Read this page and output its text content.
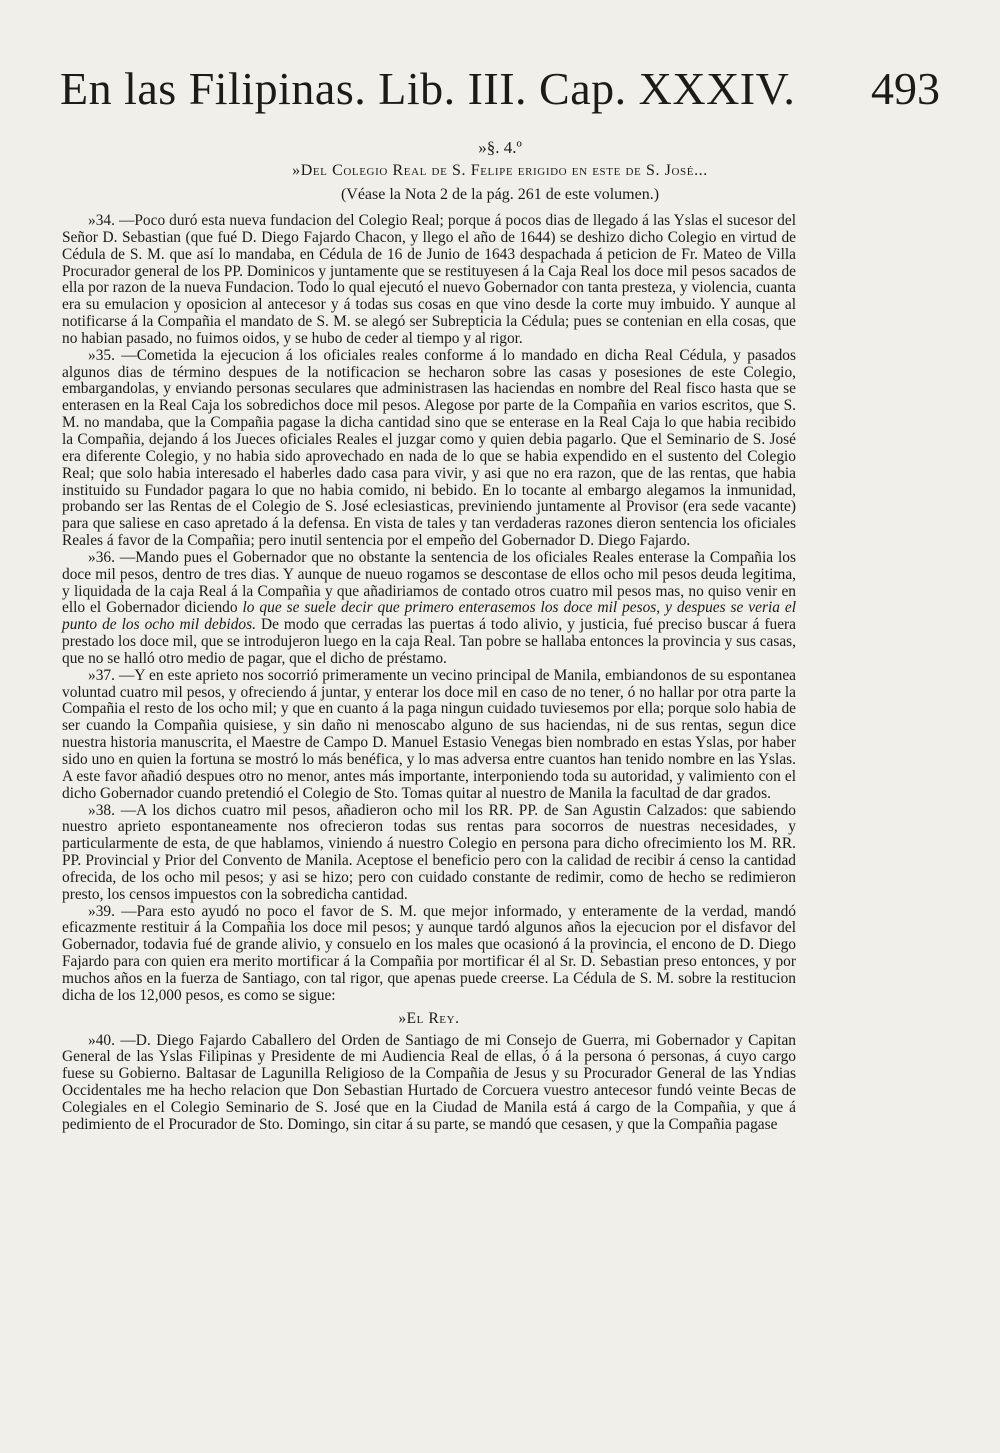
En las Filipinas. Lib. III. Cap. XXXIV. 493
»§. 4.º
»Del Colegio Real de S. Felipe erigido en este de S. José...
(Véase la Nota 2 de la pág. 261 de este volumen.)

»34. —Poco duró esta nueva fundacion del Colegio Real; porque á pocos dias de llegado á las Yslas el sucesor del Señor D. Sebastian (que fué D. Diego Fajardo Chacon, y llego el año de 1644) se deshizo dicho Colegio en virtud de Cédula de S. M. que así lo mandaba, en Cédula de 16 de Junio de 1643 despachada á peticion de Fr. Mateo de Villa Procurador general de los PP. Dominicos y juntamente que se restituyesen á la Caja Real los doce mil pesos sacados de ella por razon de la nueva Fundacion. Todo lo qual ejecutó el nuevo Gobernador con tanta presteza, y violencia, cuanta era su emulacion y oposicion al antecesor y á todas sus cosas en que vino desde la corte muy imbuido. Y aunque al notificarse á la Compañia el mandato de S. M. se alegó ser Subrepticia la Cédula; pues se contenian en ella cosas, que no habian pasado, no fuimos oidos, y se hubo de ceder al tiempo y al rigor.

»35. —Cometida la ejecucion á los oficiales reales conforme á lo mandado en dicha Real Cédula, y pasados algunos dias de término despues de la notificacion se hecharon sobre las casas y posesiones de este Colegio, embargandolas, y enviando personas seculares que administrasen las haciendas en nombre del Real fisco hasta que se enterasen en la Real Caja los sobredichos doce mil pesos. Alegose por parte de la Compañia en varios escritos, que S. M. no mandaba, que la Compañia pagase la dicha cantidad sino que se enterase en la Real Caja lo que habia recibido la Compañia, dejando á los Jueces oficiales Reales el juzgar como y quien debia pagarlo. Que el Seminario de S. José era diferente Colegio, y no habia sido aprovechado en nada de lo que se habia expendido en el sustento del Colegio Real; que solo habia interesado el haberles dado casa para vivir, y asi que no era razon, que de las rentas, que habia instituido su Fundador pagara lo que no habia comido, ni bebido. En lo tocante al embargo alegamos la inmunidad, probando ser las Rentas de el Colegio de S. José eclesiasticas, previniendo juntamente al Provisor (era sede vacante) para que saliese en caso apretado á la defensa. En vista de tales y tan verdaderas razones dieron sentencia los oficiales Reales á favor de la Compañia; pero inutil sentencia por el empeño del Gobernador D. Diego Fajardo.

»36. —Mando pues el Gobernador que no obstante la sentencia de los oficiales Reales enterase la Compañia los doce mil pesos, dentro de tres dias. Y aunque de nueuo rogamos se descontase de ellos ocho mil pesos deuda legitima, y liquidada de la caja Real á la Compañia y que añadiriamos de contado otros cuatro mil pesos mas, no quiso venir en ello el Gobernador diciendo lo que se suele decir que primero enterasemos los doce mil pesos, y despues se veria el punto de los ocho mil debidos. De modo que cerradas las puertas á todo alivio, y justicia, fué preciso buscar á fuera prestado los doce mil, que se introdujeron luego en la caja Real. Tan pobre se hallaba entonces la provincia y sus casas, que no se halló otro medio de pagar, que el dicho de préstamo.

»37. —Y en este aprieto nos socorrió primeramente un vecino principal de Manila, embiandonos de su espontanea voluntad cuatro mil pesos, y ofreciendo á juntar, y enterar los doce mil en caso de no tener, ó no hallar por otra parte la Compañia el resto de los ocho mil; y que en cuanto á la paga ningun cuidado tuviesemos por ella; porque solo habia de ser cuando la Compañia quisiese, y sin daño ni menoscabo alguno de sus haciendas, ni de sus rentas, segun dice nuestra historia manuscrita, el Maestre de Campo D. Manuel Estasio Venegas bien nombrado en estas Yslas, por haber sido uno en quien la fortuna se mostró lo más benéfica, y lo mas adversa entre cuantos han tenido nombre en las Yslas. A este favor añadió despues otro no menor, antes más importante, interponiendo toda su autoridad, y valimiento con el dicho Gobernador cuando pretendió el Colegio de Sto. Tomas quitar al nuestro de Manila la facultad de dar grados.

»38. —A los dichos cuatro mil pesos, añadieron ocho mil los RR. PP. de San Agustin Calzados: que sabiendo nuestro aprieto espontaneamente nos ofrecieron todas sus rentas para socorros de nuestras necesidades, y particularmente de esta, de que hablamos, viniendo á nuestro Colegio en persona para dicho ofrecimiento los M. RR. PP. Provincial y Prior del Convento de Manila. Aceptose el beneficio pero con la calidad de recibir á censo la cantidad ofrecida, de los ocho mil pesos; y asi se hizo; pero con cuidado constante de redimir, como de hecho se redimieron presto, los censos impuestos con la sobredicha cantidad.

»39. —Para esto ayudó no poco el favor de S. M. que mejor informado, y enteramente de la verdad, mandó eficazmente restituir á la Compañia los doce mil pesos; y aunque tardó algunos años la ejecucion por el disfavor del Gobernador, todavia fué de grande alivio, y consuelo en los males que ocasionó á la provincia, el encono de D. Diego Fajardo para con quien era merito mortificar á la Compañia por mortificar él al Sr. D. Sebastian preso entonces, y por muchos años en la fuerza de Santiago, con tal rigor, que apenas puede creerse. La Cédula de S. M. sobre la restitucion dicha de los 12,000 pesos, es como se sigue:

»El Rey.

»40. —D. Diego Fajardo Caballero del Orden de Santiago de mi Consejo de Guerra, mi Gobernador y Capitan General de las Yslas Filipinas y Presidente de mi Audiencia Real de ellas, ó á la persona ó personas, á cuyo cargo fuese su Gobierno. Baltasar de Lagunilla Religioso de la Compañia de Jesus y su Procurador General de las Yndias Occidentales me ha hecho relacion que Don Sebastian Hurtado de Corcuera vuestro antecesor fundó veinte Becas de Colegiales en el Colegio Seminario de S. José que en la Ciudad de Manila está á cargo de la Compañia, y que á pedimiento de el Procurador de Sto. Domingo, sin citar á su parte, se mandó que cesasen, y que la Compañia pagase
